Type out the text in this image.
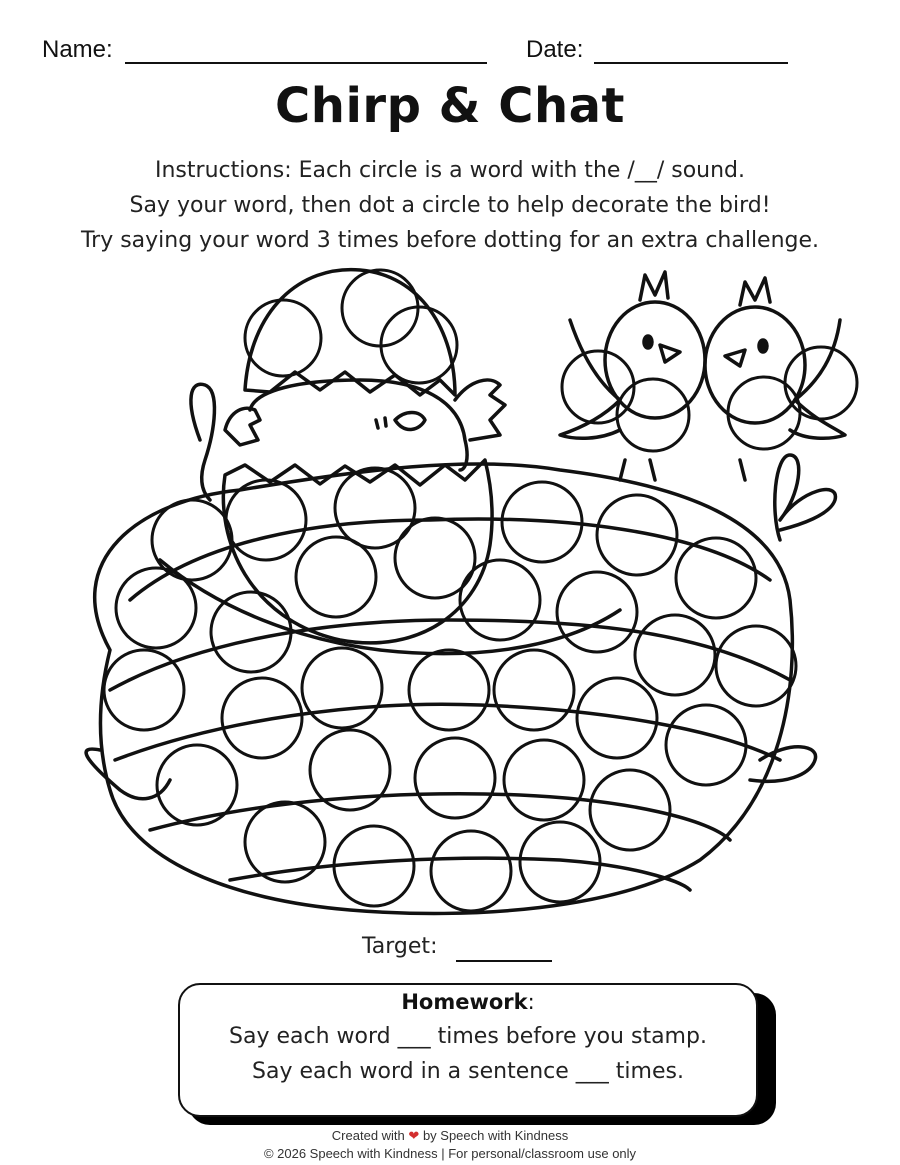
Name:	Date:
Chirp & Chat
Instructions: Each circle is a word with the /__/ sound.
Say your word, then dot a circle to help decorate the bird!
Try saying your word 3 times before dotting for an extra challenge.
Target:
Homework:
Say each word ___ times before you stamp.
Say each word in a sentence ___ times.
Created with ❤ by Speech with Kindness
© 2026 Speech with Kindness | For personal/classroom use only
